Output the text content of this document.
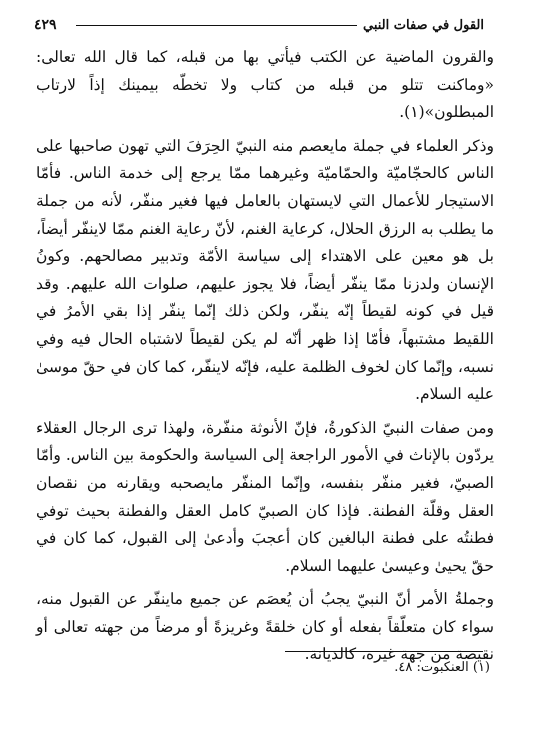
٤٢٩	القول في صفات النبي

والقرون الماضية عن الكتب فيأتي بها من قبله، كما قال الله تعالى: «وماكنت تتلو من قبله من كتاب ولا تخطّه بيمينك إذاً لارتاب المبطلون»(١).

وذكر العلماء في جملة مايعصم منه النبيّ الحِرَفَ التي تهون صاحبها على الناس كالحجّاميّة والحمّاميّة وغيرهما ممّا يرجع إلى خدمة الناس. فأمّا الاستيجار للأعمال التي لايستهان بالعامل فيها فغير منفّر، لأنه من جملة ما يطلب به الرزق الحلال، كرعاية الغنم، لأنّ رعاية الغنم ممّا لاينفّر أيضاً، بل هو معين على الاهتداء إلى سياسة الأمّة وتدبير مصالحهم. وكونُ الإنسان ولدزنا ممّا ينفّر أيضاً، فلا يجوز عليهم، صلوات الله عليهم. وقد قيل في كونه لقيطاً إنّه ينفّر، ولكن ذلك إنّما ينفّر إذا بقي الأمرُ في اللقيط مشتبهاً، فأمّا إذا ظهر أنّه لم يكن لقيطاً لاشتباه الحال فيه وفي نسبه، وإنّما كان لخوف الظلمة عليه، فإنّه لاينفّر، كما كان في حقّ موسىٰ عليه السلام.

ومن صفات النبيّ الذكورةُ، فإنّ الأنوثة منفّرة، ولهذا ترى الرجال العقلاء يردّون بالإناث في الأمور الراجعة إلى السياسة والحكومة بين الناس. وأمّا الصبيّ، فغير منفّر بنفسه، وإنّما المنفّر مايصحبه ويقارنه من نقصان العقل وقلّة الفطنة. فإذا كان الصبيّ كامل العقل والفطنة بحيث توفي فطنتُه على فطنة البالغين كان أعجبَ وأدعىٰ إلى القبول، كما كان في حقّ يحيىٰ وعيسىٰ عليهما السلام.

وجملةُ الأمر أنّ النبيّ يجبُ أن يُعصَم عن جميع ماينفّر عن القبول منه، سواء كان متعلّقاً بفعله أو كان خلقةً وغريزةً أو مرضاً من جهته تعالى أو نقيصة من جهة غيره، كالديانة.

(١) العنكبوت: ٤٨.
